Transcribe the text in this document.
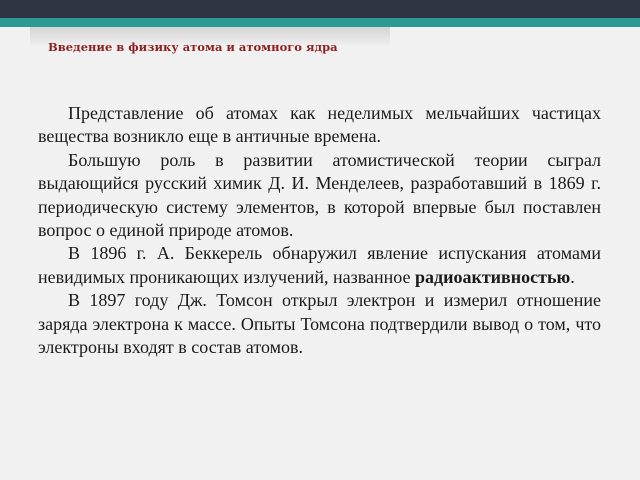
Введение в физику атома и атомного ядра

Представление об атомах как неделимых мельчайших частицах вещества возникло еще в античные времена.

Большую роль в развитии атомистической теории сыграл выдающийся русский химик Д. И. Менделеев, разработавший в 1869 г. периодическую систему элементов, в которой впервые был поставлен вопрос о единой природе атомов.

В 1896 г. А. Беккерель обнаружил явление испускания атомами невидимых проникающих излучений, названное радиоактивностью.

В 1897 году Дж. Томсон открыл электрон и измерил отношение заряда электрона к массе. Опыты Томсона подтвердили вывод о том, что электроны входят в состав атомов.
